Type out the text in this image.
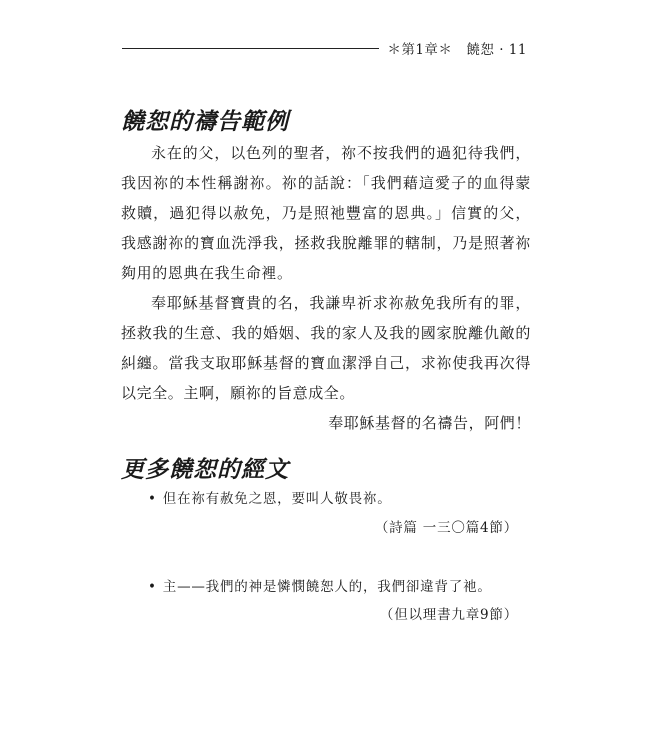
＊第1章＊　饒恕 · 11
饒恕的禱告範例

永在的父，以色列的聖者，祢不按我們的過犯待我們，我因祢的本性稱謝祢。祢的話說：「我們藉這愛子的血得蒙救贖，過犯得以赦免，乃是照祂豐富的恩典。」信實的父，我感謝祢的寶血洗淨我，拯救我脫離罪的轄制，乃是照著祢夠用的恩典在我生命裡。

奉耶穌基督寶貴的名，我謙卑祈求祢赦免我所有的罪，拯救我的生意、我的婚姻、我的家人及我的國家脫離仇敵的糾纏。當我支取耶穌基督的寶血潔淨自己，求祢使我再次得以完全。主啊，願祢的旨意成全。

奉耶穌基督的名禱告，阿們！

更多饒恕的經文
• 但在祢有赦免之恩，要叫人敬畏祢。
（詩篇 一三〇篇4節）
• 主——我們的神是憐憫饒恕人的，我們卻違背了祂。
（但以理書九章9節）
